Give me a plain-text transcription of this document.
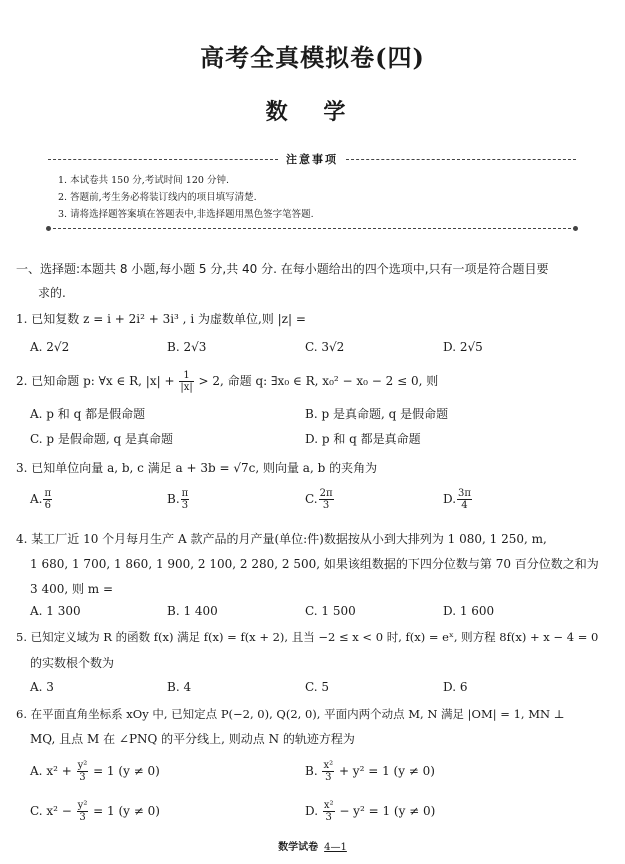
高考全真模拟卷(四)
数 学
注意事项
1. 本试卷共 150 分,考试时间 120 分钟.
2. 答题前,考生务必将装订线内的项目填写清楚.
3. 请将选择题答案填在答题表中,非选择题用黑色签字笔答题.
一、选择题:本题共 8 小题,每小题 5 分,共 40 分. 在每小题给出的四个选项中,只有一项是符合题目要
求的.
1. 已知复数 z = i + 2i² + 3i³ , i 为虚数单位,则 |z| =
A. 2√2	B. 2√3	C. 3√2	D. 2√5
2. 已知命题 p: ∀x ∈ R, $|x| + \frac{1}{|x|} > 2$, 命题 q: ∃x₀ ∈ R, x₀² − x₀ − 2 ≤ 0, 则
A. p 和 q 都是假命题	B. p 是真命题, q 是假命题
C. p 是假命题, q 是真命题	D. p 和 q 都是真命题
3. 已知单位向量 a, b, c 满足 a + 3b = √7c, 则向量 a, b 的夹角为
A. $\frac{\pi}{6}$	B. $\frac{\pi}{3}$	C. $\frac{2\pi}{3}$	D. $\frac{3\pi}{4}$
4. 某工厂近 10 个月每月生产 A 款产品的月产量(单位:件)数据按从小到大排列为 1 080, 1 250, m,
1 680, 1 700, 1 860, 1 900, 2 100, 2 280, 2 500, 如果该组数据的下四分位数与第 70 百分位数之和为
3 400, 则 m =
A. 1 300	B. 1 400	C. 1 500	D. 1 600
5. 已知定义域为 R 的函数 f(x) 满足 f(x) = f(x + 2), 且当 −2 ≤ x < 0 时, f(x) = eˣ, 则方程 8f(x) + x − 4 = 0
的实数根个数为
A. 3	B. 4	C. 5	D. 6
6. 在平面直角坐标系 xOy 中, 已知定点 P(−2, 0), Q(2, 0), 平面内两个动点 M, N 满足 |OM| = 1, MN ⊥
MQ, 且点 M 在 ∠PNQ 的平分线上, 则动点 N 的轨迹方程为
A. $x^2 + \frac{\text{y²}}{3} = 1$ (y ≠ 0)	B. $\frac{\text{x²}}{3} + y^2 = 1$ (y ≠ 0)
C. $x^2 - \frac{\text{y²}}{3} = 1$ (y ≠ 0)	D. $\frac{\text{x²}}{3} - y^2 = 1$ (y ≠ 0)
数学试卷 4—1
